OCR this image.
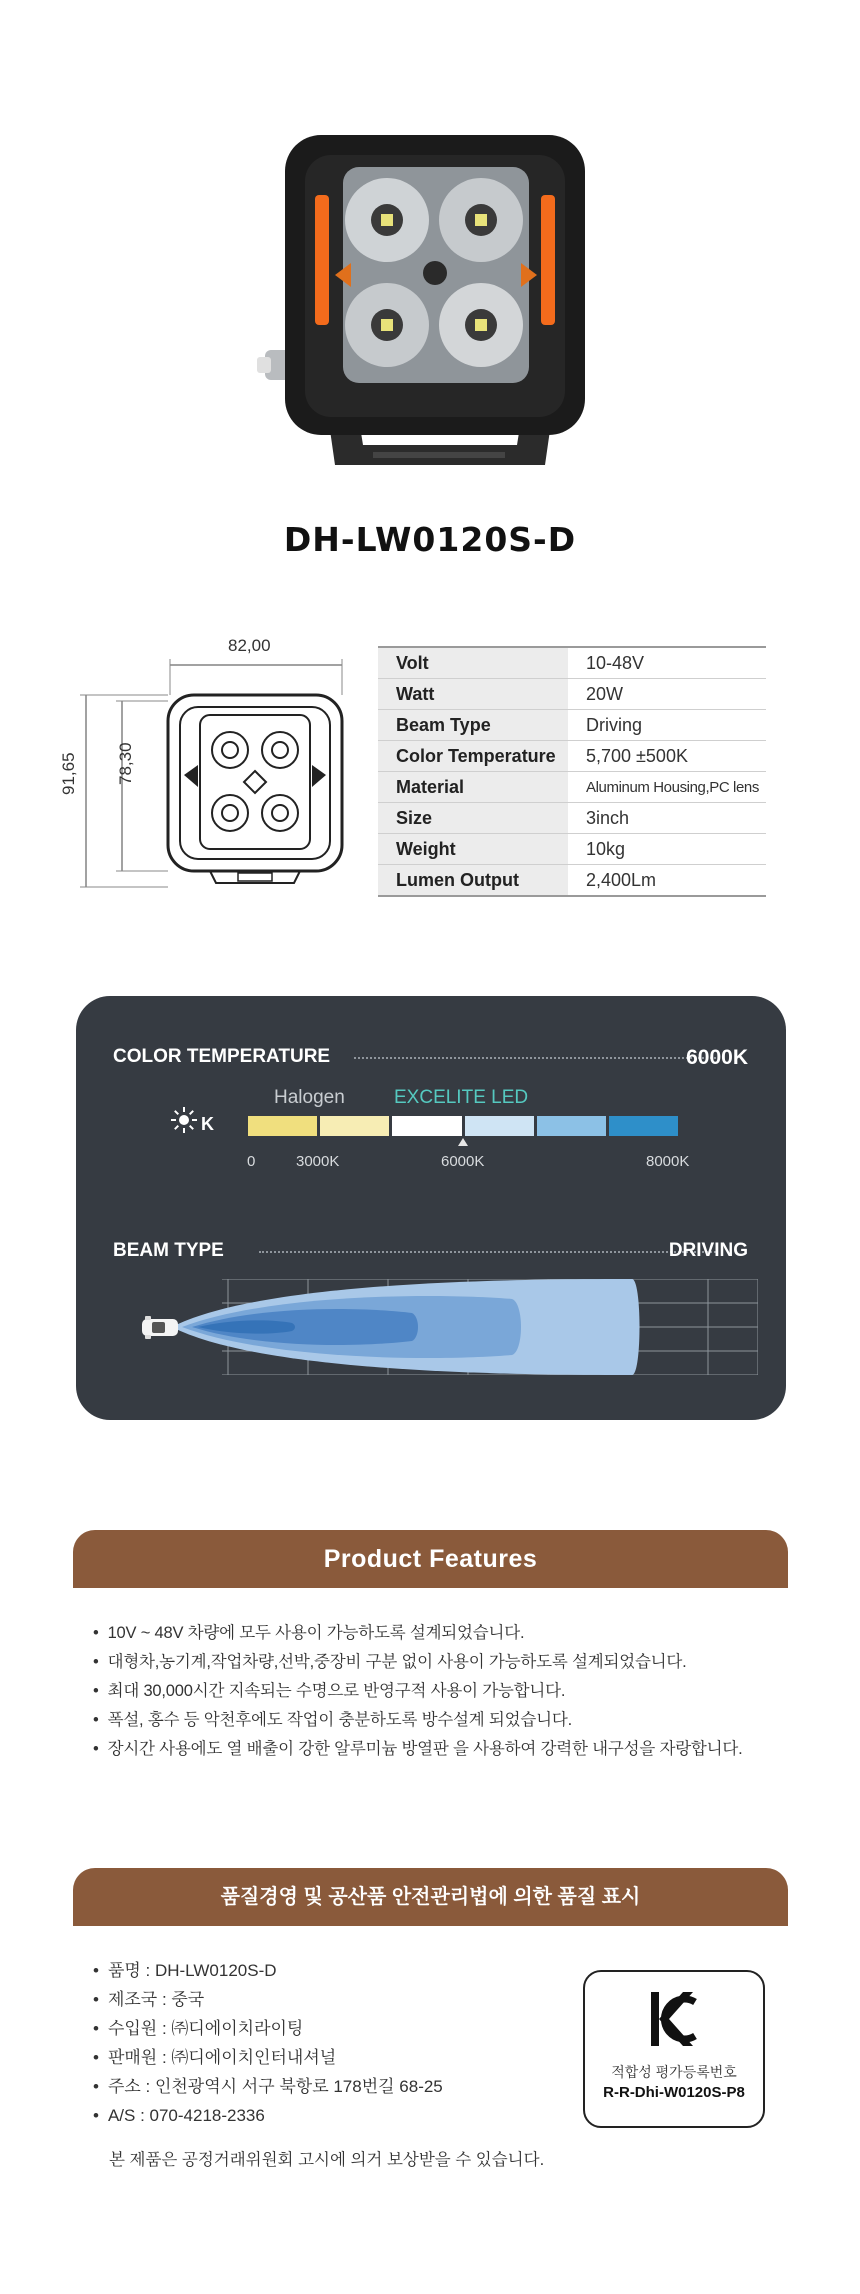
DH-LW0120S-D
82,00
91,65 78,30
Volt	10-48V
Watt	20W
Beam Type	Driving
Color Temperature	5,700 ±500K
Material	Aluminum Housing,PC lens
Size	3inch
Weight	10kg
Lumen Output	2,400Lm
COLOR TEMPERATURE	6000K
Halogen	EXCELITE LED
K
0	3000K	6000K	8000K
BEAM TYPE	DRIVING
Product Features
• 10V ~ 48V 차량에 모두 사용이 가능하도록 설계되었습니다.
• 대형차,농기계,작업차량,선박,중장비 구분 없이 사용이 가능하도록 설계되었습니다.
• 최대 30,000시간 지속되는 수명으로 반영구적 사용이 가능합니다.
• 폭설, 홍수 등 악천후에도 작업이 충분하도록 방수설계 되었습니다.
• 장시간 사용에도 열 배출이 강한 알루미늄 방열판 을 사용하여 강력한 내구성을 자랑합니다.
품질경영 및 공산품 안전관리법에 의한 품질 표시
• 품명 : DH-LW0120S-D
• 제조국 : 중국
• 수입원 : ㈜디에이치라이팅
• 판매원 : ㈜디에이치인터내셔널
• 주소 : 인천광역시 서구 북항로 178번길 68-25
• A/S : 070-4218-2336
본 제품은 공정거래위원회 고시에 의거 보상받을 수 있습니다.
적합성 평가등록번호
R-R-Dhi-W0120S-P8
